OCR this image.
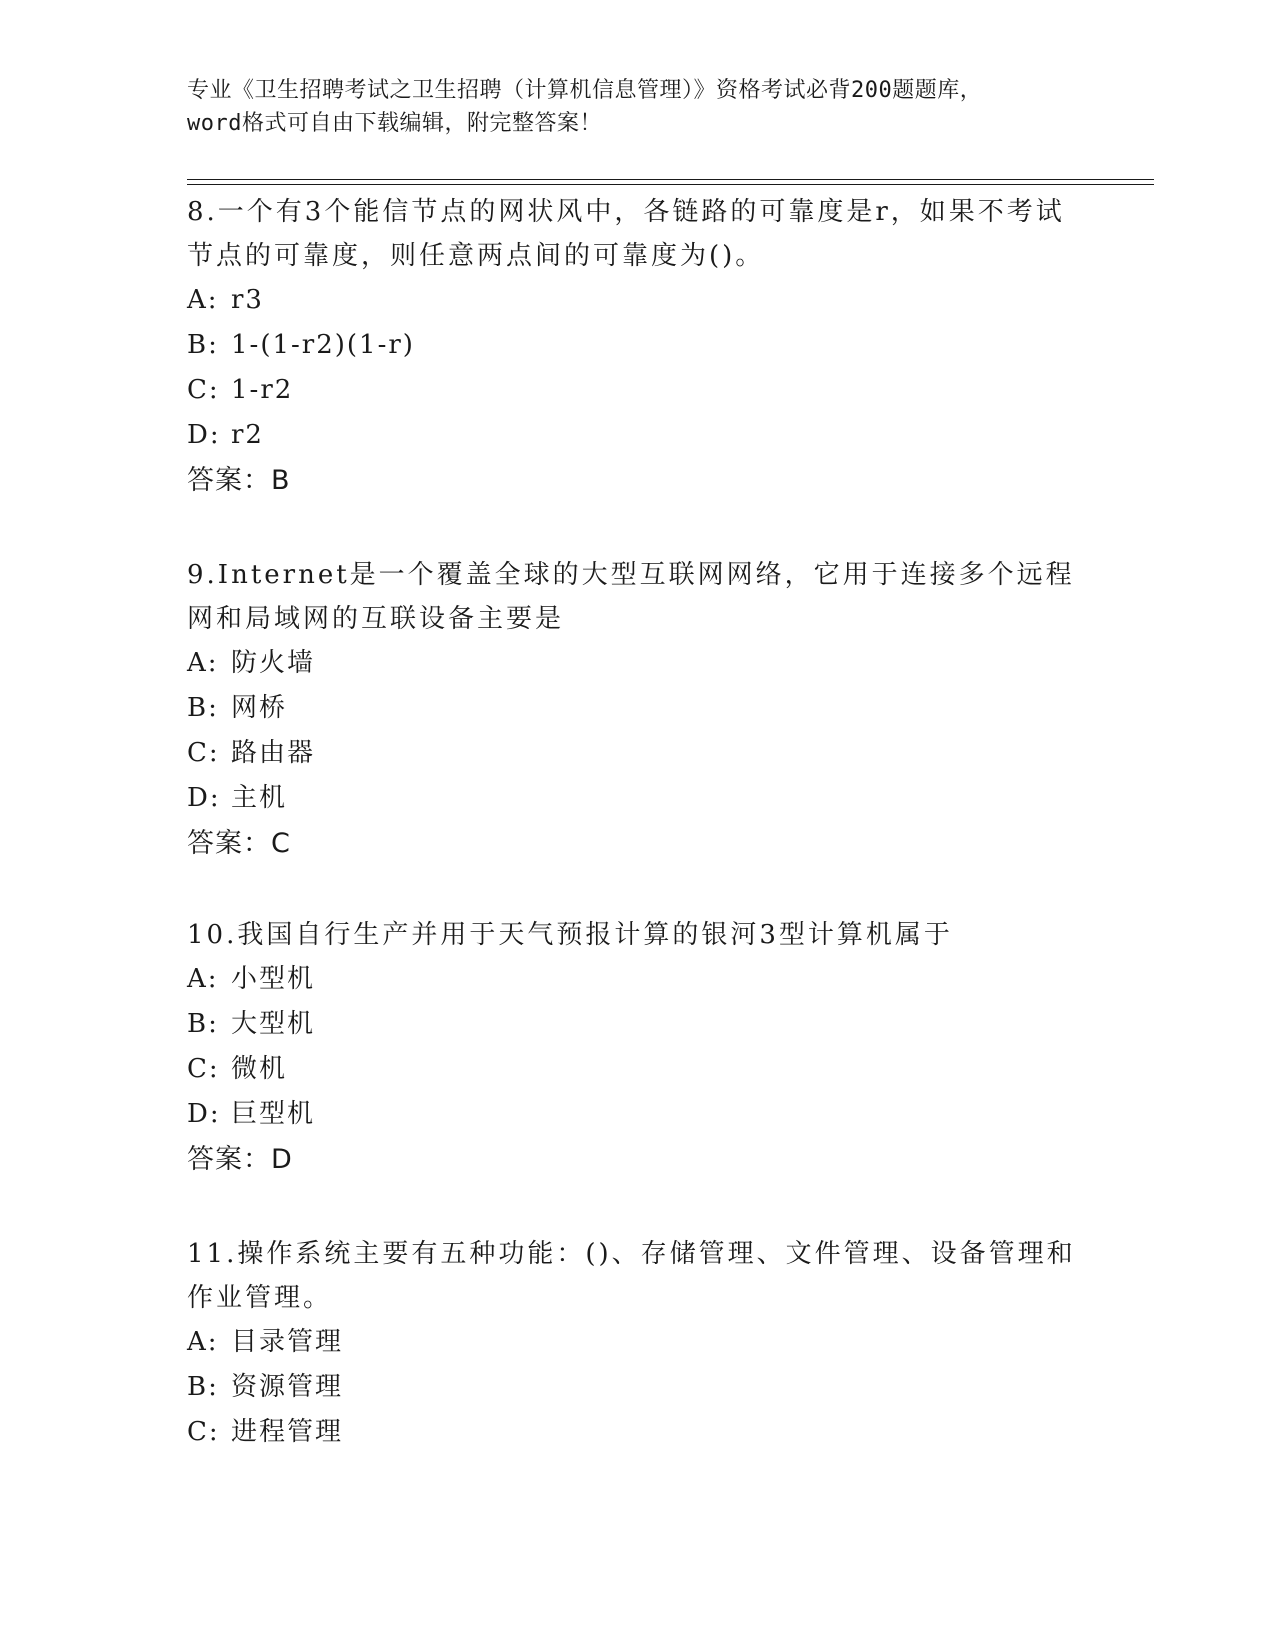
专业《卫生招聘考试之卫生招聘（计算机信息管理）》资格考试必背200题题库，
word格式可自由下载编辑，附完整答案！

8.一个有3个能信节点的网状风中，各链路的可靠度是r，如果不考试节点的可靠度，则任意两点间的可靠度为()。

A: r3

B: 1-(1-r2)(1-r)

C: 1-r2

D: r2

答案：B

9.Internet是一个覆盖全球的大型互联网网络，它用于连接多个远程网和局域网的互联设备主要是

A: 防火墙

B: 网桥

C: 路由器

D: 主机

答案：C

10.我国自行生产并用于天气预报计算的银河3型计算机属于

A: 小型机

B: 大型机

C: 微机

D: 巨型机

答案：D

11.操作系统主要有五种功能：()、存储管理、文件管理、设备管理和作业管理。

A: 目录管理

B: 资源管理

C: 进程管理
